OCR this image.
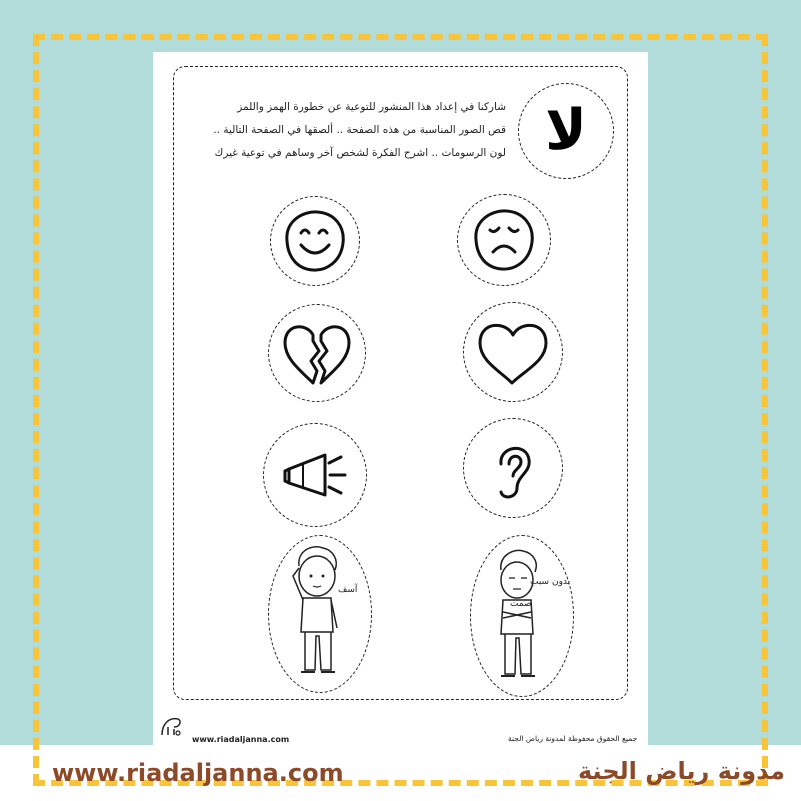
لا
شاركنا في إعداد هذا المنشور للتوعية عن خطورة الهمز واللمز
قص الصور المناسبة من هذه الصفحة .. ألصقها في الصفحة التالية ..
لون الرسومات .. اشرح الفكرة لشخص آخر وساهم في توعية غيرك
آسف
بدون سبب
صمت
www.riadaljanna.com	جميع الحقوق محفوظة لمدونة رياض الجنة
www.riadaljanna.com	مدونة رياض الجنة
